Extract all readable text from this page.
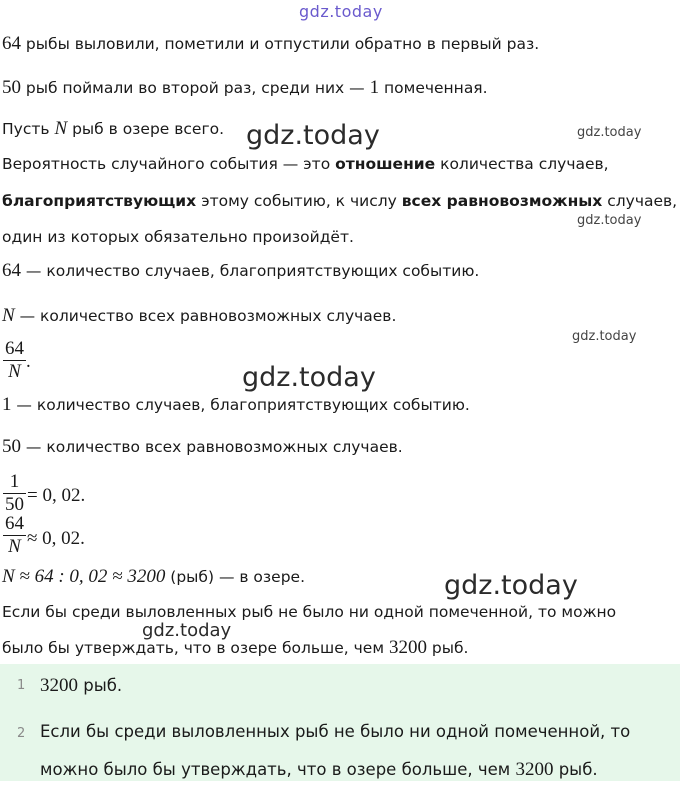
gdz.today
gdz.today	gdz.today
gdz.today
gdz.today
gdz.today
gdz.today
gdz.today
64 рыбы выловили, пометили и отпустили обратно в первый раз.
50 рыб поймали во второй раз, среди них — 1 помеченная.
Пусть N рыб в озере всего.
Вероятность случайного события — это отношение количества случаев,
благоприятствующих этому событию, к числу всех равновозможных случаев,
один из которых обязательно произойдёт.
64 — количество случаев, благоприятствующих событию.
N — количество всех равновозможных случаев.
64
N .
1 — количество случаев, благоприятствующих событию.
50 — количество всех равновозможных случаев.
1
50 = 0, 02.
64
N ≈ 0, 02.
N ≈ 64 : 0, 02 ≈ 3200 (рыб) — в озере.
Если бы среди выловленных рыб не было ни одной помеченной, то можно
было бы утверждать, что в озере больше, чем 3200 рыб.
1 3200 рыб.
2 Если бы среди выловленных рыб не было ни одной помеченной, то
можно было бы утверждать, что в озере больше, чем 3200 рыб.
